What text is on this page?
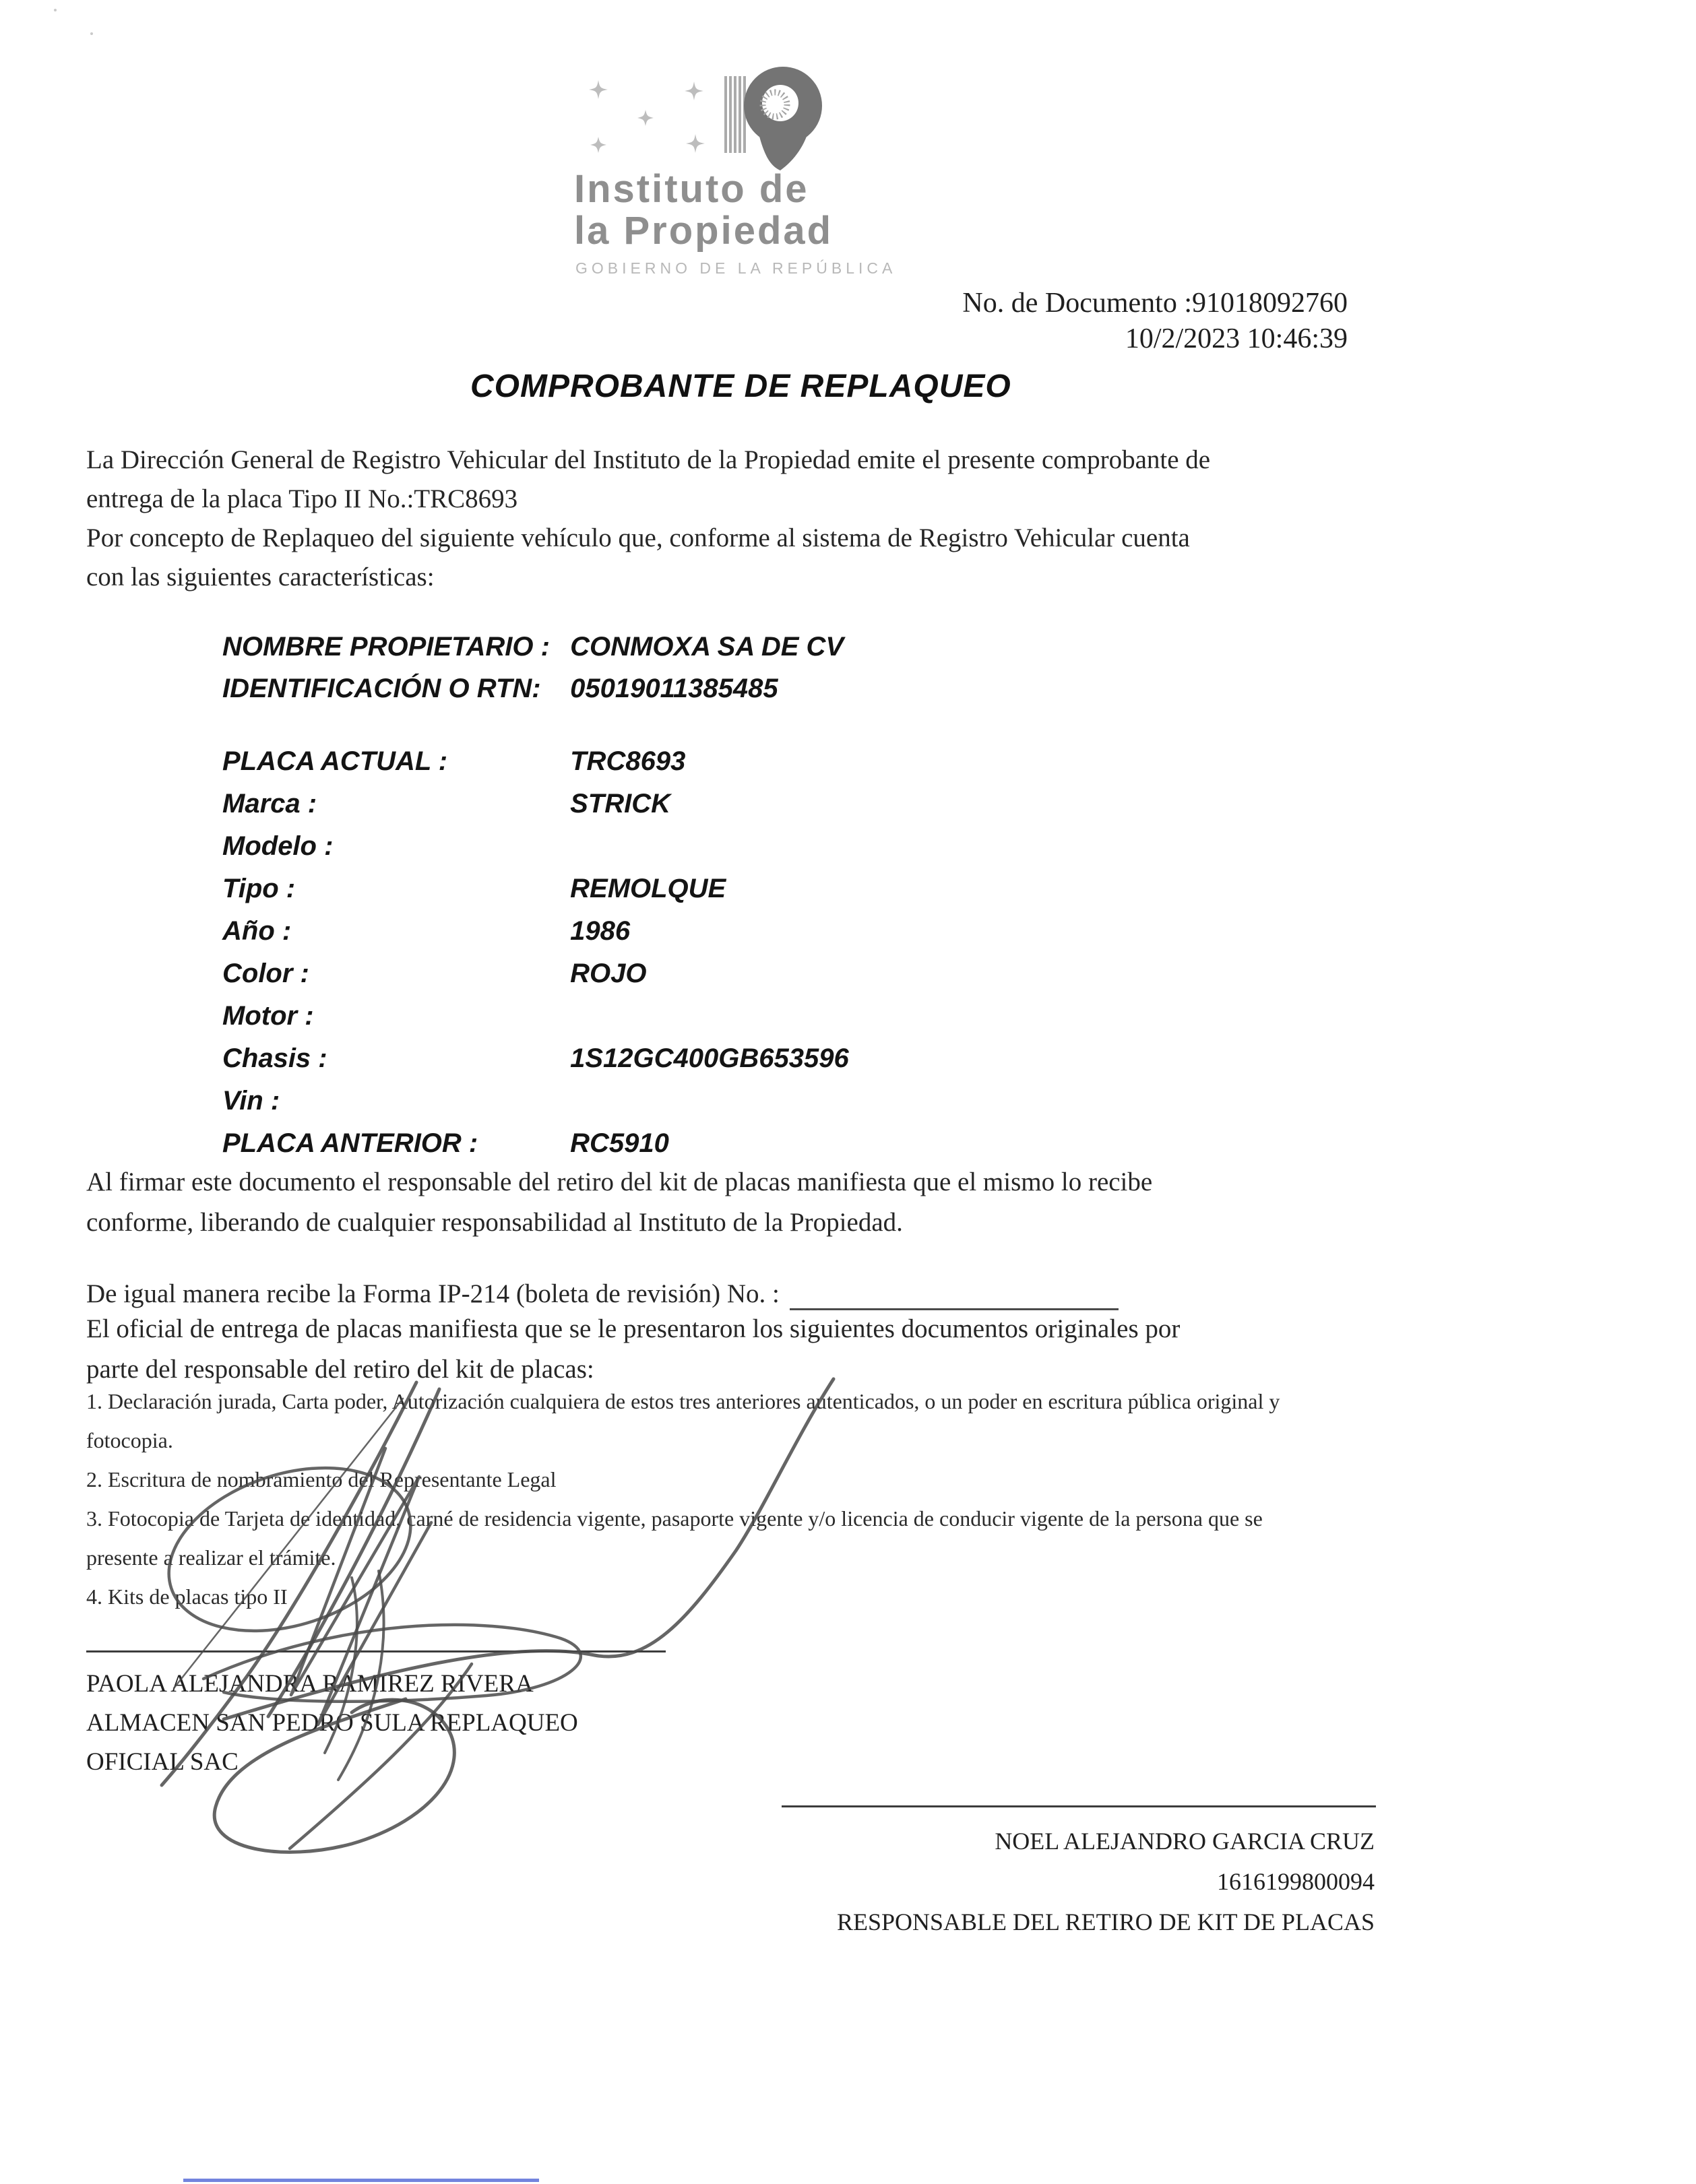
Instituto de
la Propiedad
GOBIERNO DE LA REPÚBLICA
No. de Documento :91018092760
10/2/2023 10:46:39
COMPROBANTE DE REPLAQUEO
La Dirección General de Registro Vehicular del Instituto de la Propiedad emite el presente comprobante de
entrega de la placa Tipo II No.:TRC8693
Por concepto de Replaqueo del siguiente vehículo que, conforme al sistema de Registro Vehicular cuenta
con las siguientes características:
NOMBRE PROPIETARIO : CONMOXA SA DE CV
IDENTIFICACIÓN O RTN: 05019011385485
PLACA ACTUAL :	TRC8693
Marca :	STRICK
Modelo :
Tipo :	REMOLQUE
Año :	1986
Color :	ROJO
Motor :
Chasis :	1S12GC400GB653596
Vin :
PLACA ANTERIOR :	RC5910
Al firmar este documento el responsable del retiro del kit de placas manifiesta que el mismo lo recibe
conforme, liberando de cualquier responsabilidad al Instituto de la Propiedad.
De igual manera recibe la Forma IP-214 (boleta de revisión) No. :
El oficial de entrega de placas manifiesta que se le presentaron los siguientes documentos originales por
parte del responsable del retiro del kit de placas:
1. Declaración jurada, Carta poder, Autorización cualquiera de estos tres anteriores autenticados, o un poder en escritura pública original y
fotocopia.
2. Escritura de nombramiento del Representante Legal
3. Fotocopia de Tarjeta de identidad, carné de residencia vigente, pasaporte vigente y/o licencia de conducir vigente de la persona que se
presente a realizar el trámite.
4. Kits de placas tipo II
PAOLA ALEJANDRA RAMIREZ RIVERA
ALMACEN SAN PEDRO SULA REPLAQUEO
OFICIAL SAC
NOEL ALEJANDRO GARCIA CRUZ
1616199800094
RESPONSABLE DEL RETIRO DE KIT DE PLACAS
